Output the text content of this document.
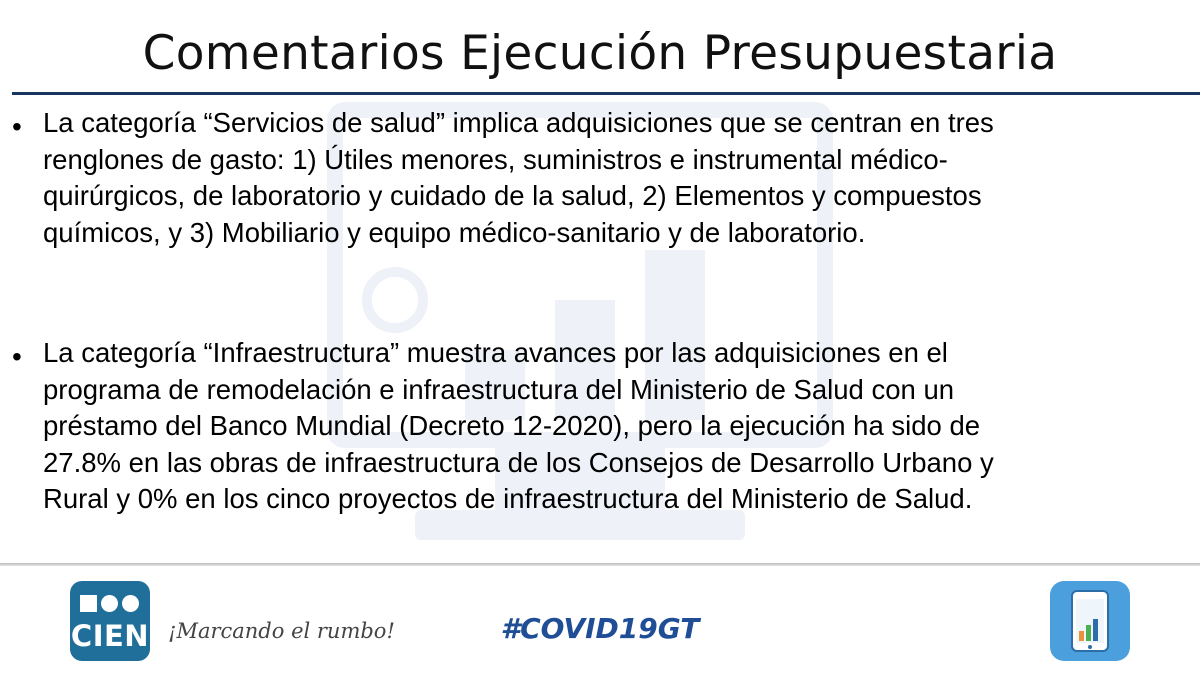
Comentarios Ejecución Presupuestaria
• La categoría “Servicios de salud” implica adquisiciones que se centran en tres
renglones de gasto: 1) Útiles menores, suministros e instrumental médico-
quirúrgicos, de laboratorio y cuidado de la salud, 2) Elementos y compuestos
químicos, y 3) Mobiliario y equipo médico-sanitario y de laboratorio.
• La categoría “Infraestructura” muestra avances por las adquisiciones en el
programa de remodelación e infraestructura del Ministerio de Salud con un
préstamo del Banco Mundial (Decreto 12-2020), pero la ejecución ha sido de
27.8% en las obras de infraestructura de los Consejos de Desarrollo Urbano y
Rural y 0% en los cinco proyectos de infraestructura del Ministerio de Salud.
CIEN ¡Marcando el rumbo!	#COVID19GT
